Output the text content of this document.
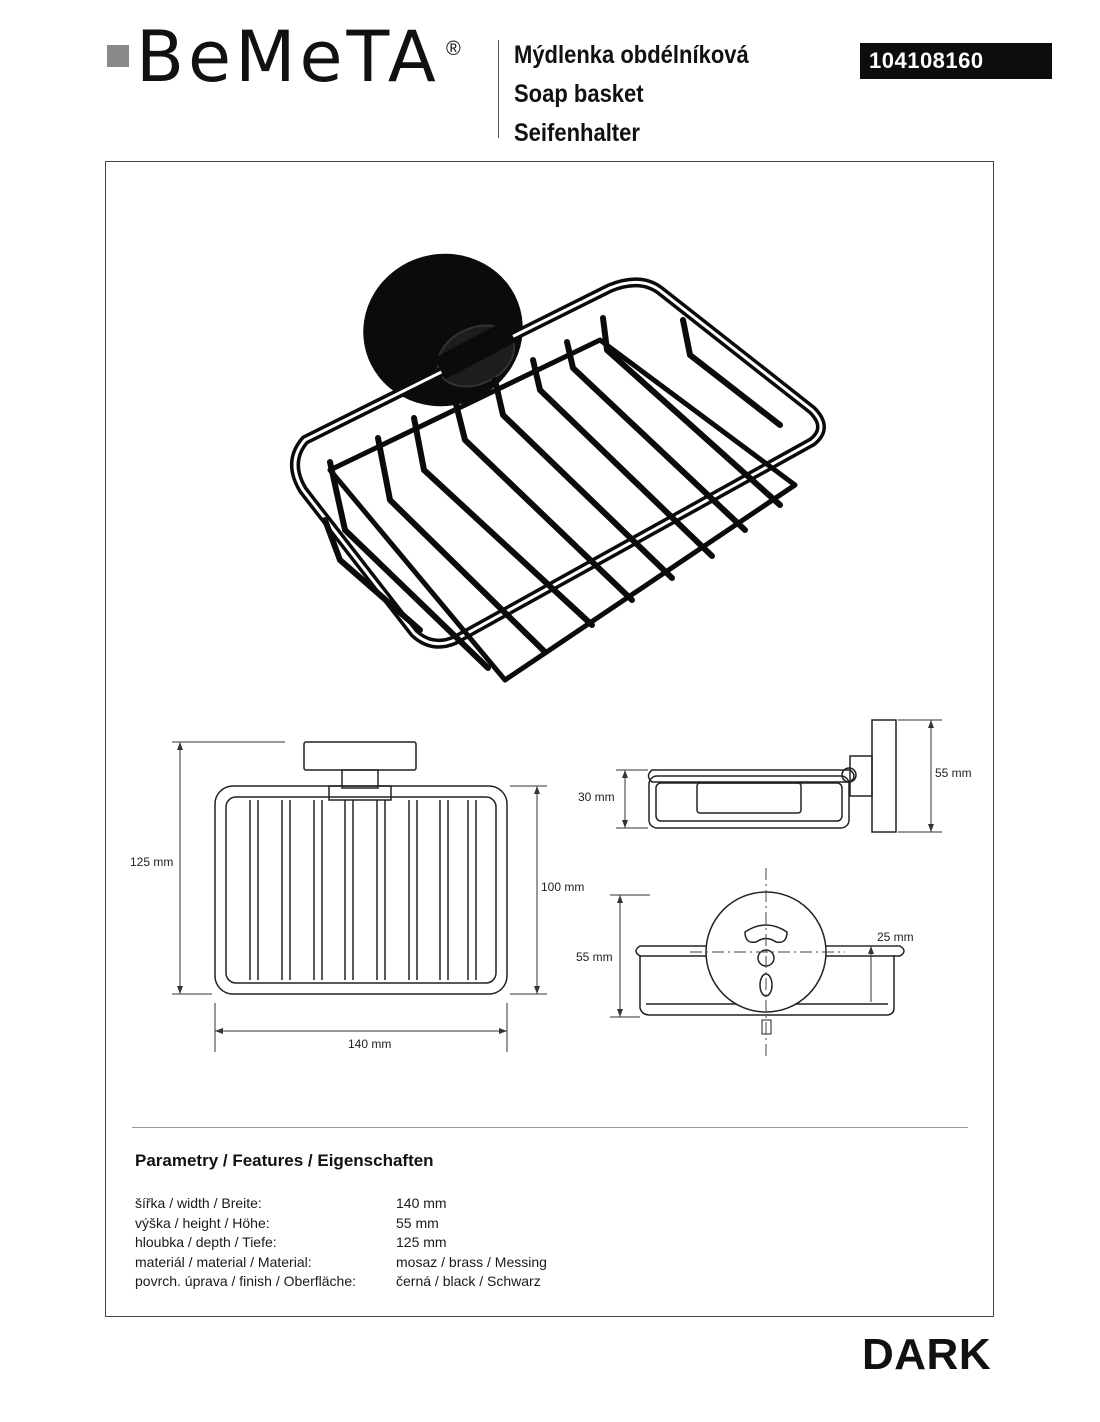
BeMeTA ® Mýdlenka obdélníková
Soap basket
Seifenhalter
104108160
125 mm
100 mm
140 mm
30 mm
55 mm
55 mm
25 mm
Parametry / Features / Eigenschaften
šířka / width / Breite:	140 mm
výška / height / Höhe:	55 mm
hloubka / depth / Tiefe:	125 mm
materiál / material / Material:	mosaz / brass / Messing
povrch. úprava / finish / Oberfläche:	černá / black / Schwarz
DARK
